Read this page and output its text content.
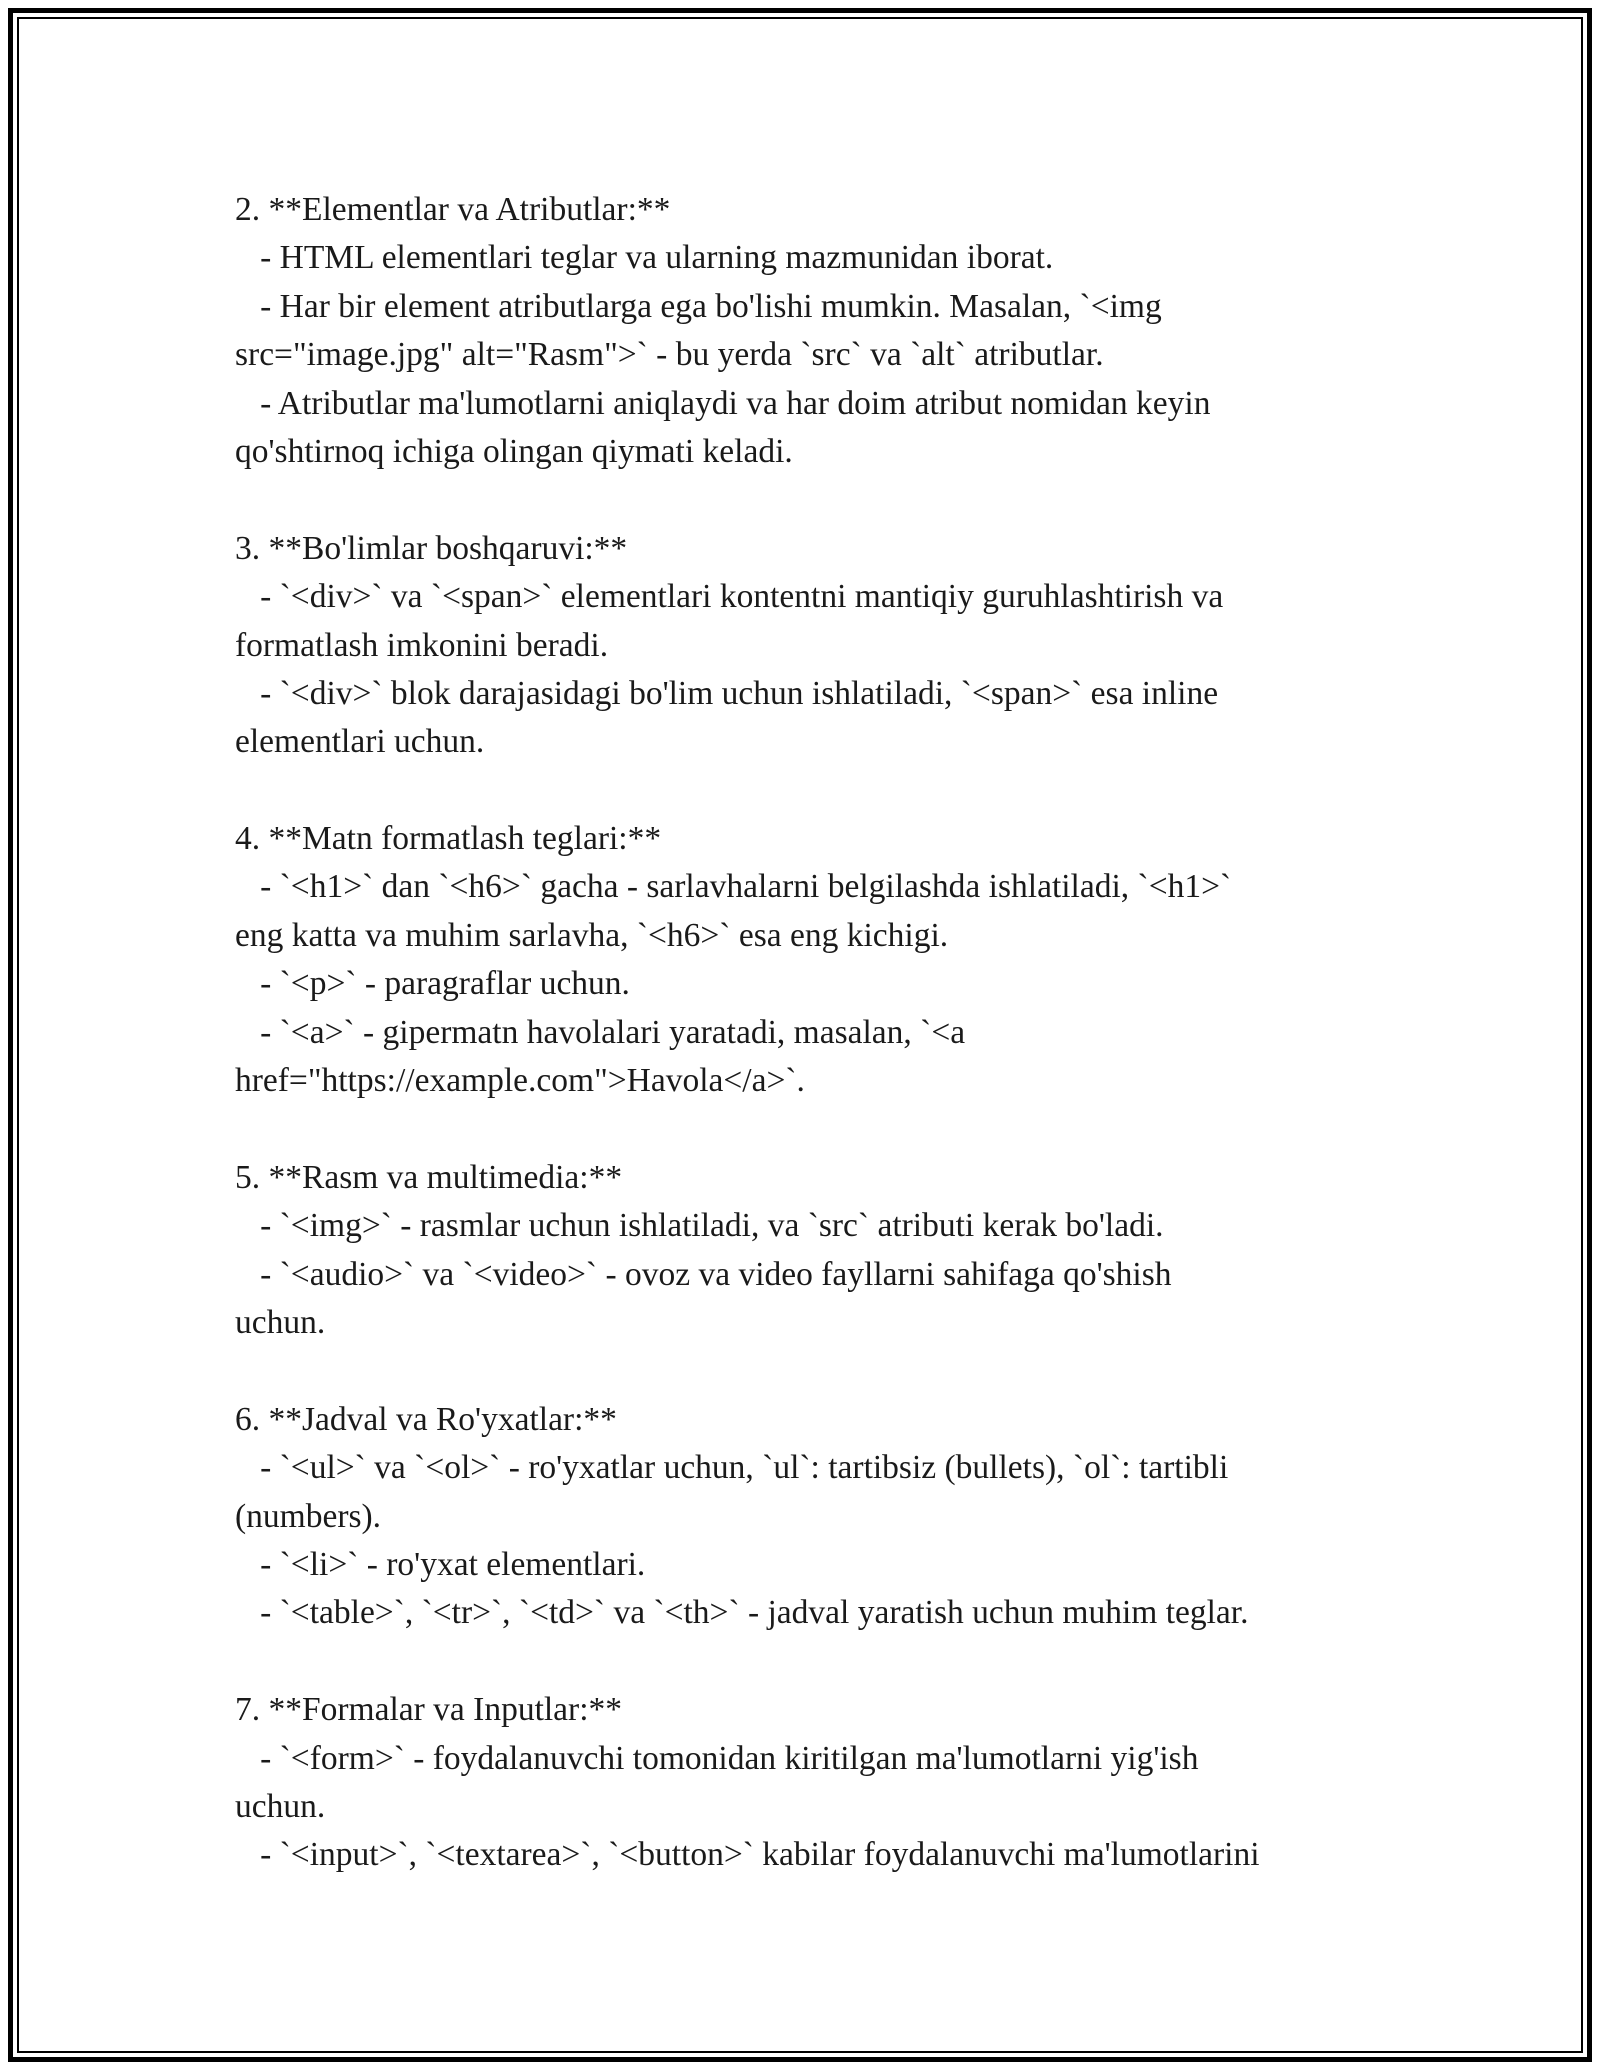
2. **Elementlar va Atributlar:**
- HTML elementlari teglar va ularning mazmunidan iborat.
- Har bir element atributlarga ega bo'lishi mumkin. Masalan, `<img
src="image.jpg" alt="Rasm">` - bu yerda `src` va `alt` atributlar.
- Atributlar ma'lumotlarni aniqlaydi va har doim atribut nomidan keyin
qo'shtirnoq ichiga olingan qiymati keladi.
3. **Bo'limlar boshqaruvi:**
- `<div>` va `<span>` elementlari kontentni mantiqiy guruhlashtirish va
formatlash imkonini beradi.
- `<div>` blok darajasidagi bo'lim uchun ishlatiladi, `<span>` esa inline
elementlari uchun.
4. **Matn formatlash teglari:**
- `<h1>` dan `<h6>` gacha - sarlavhalarni belgilashda ishlatiladi, `<h1>`
eng katta va muhim sarlavha, `<h6>` esa eng kichigi.
- `<p>` - paragraflar uchun.
- `<a>` - gipermatn havolalari yaratadi, masalan, `<a
href="https://example.com">Havola</a>`.
5. **Rasm va multimedia:**
- `<img>` - rasmlar uchun ishlatiladi, va `src` atributi kerak bo'ladi.
- `<audio>` va `<video>` - ovoz va video fayllarni sahifaga qo'shish
uchun.
6. **Jadval va Ro'yxatlar:**
- `<ul>` va `<ol>` - ro'yxatlar uchun, `ul`: tartibsiz (bullets), `ol`: tartibli
(numbers).
- `<li>` - ro'yxat elementlari.
- `<table>`, `<tr>`, `<td>` va `<th>` - jadval yaratish uchun muhim teglar.
7. **Formalar va Inputlar:**
- `<form>` - foydalanuvchi tomonidan kiritilgan ma'lumotlarni yig'ish
uchun.
- `<input>`, `<textarea>`, `<button>` kabilar foydalanuvchi ma'lumotlarini
